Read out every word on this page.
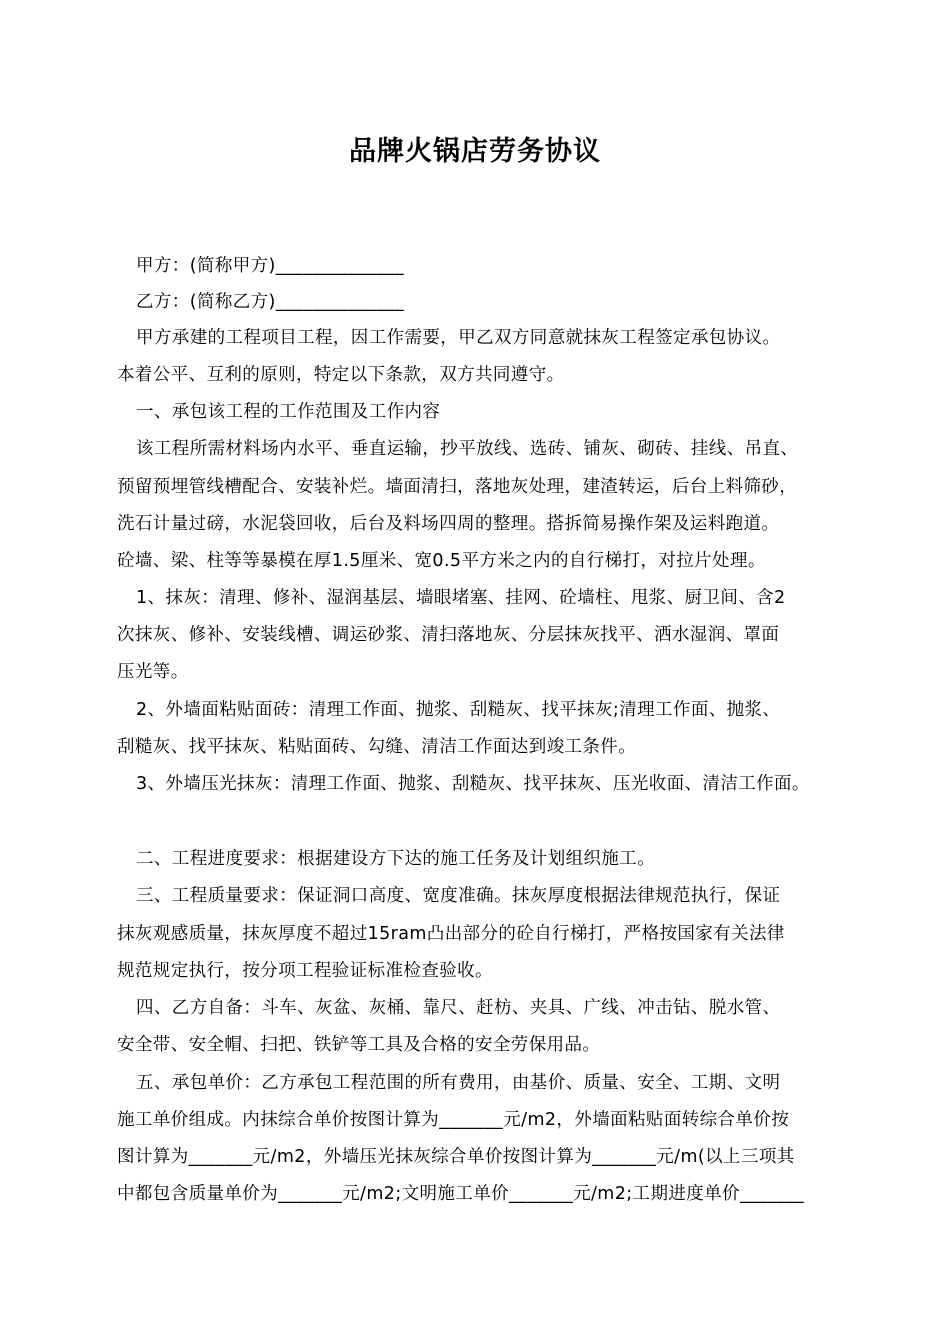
品牌火锅店劳务协议
甲方：(简称甲方)______________
乙方：(简称乙方)______________
甲方承建的工程项目工程，因工作需要，甲乙双方同意就抹灰工程签定承包协议。
本着公平、互利的原则，特定以下条款，双方共同遵守。
一、承包该工程的工作范围及工作内容
该工程所需材料场内水平、垂直运输，抄平放线、选砖、铺灰、砌砖、挂线、吊直、
预留预埋管线槽配合、安装补烂。墙面清扫，落地灰处理，建渣转运，后台上料筛砂，
洗石计量过磅，水泥袋回收，后台及料场四周的整理。搭拆简易操作架及运料跑道。
砼墙、梁、柱等等暴模在厚1.5厘米、宽0.5平方米之内的自行梯打，对拉片处理。
1、抹灰：清理、修补、湿润基层、墙眼堵塞、挂网、砼墙柱、甩浆、厨卫间、含2
次抹灰、修补、安装线槽、调运砂浆、清扫落地灰、分层抹灰找平、洒水湿润、罩面
压光等。
2、外墙面粘贴面砖：清理工作面、抛浆、刮糙灰、找平抹灰;清理工作面、抛浆、
刮糙灰、找平抹灰、粘贴面砖、勾缝、清洁工作面达到竣工条件。
3、外墙压光抹灰：清理工作面、抛浆、刮糙灰、找平抹灰、压光收面、清洁工作面。
二、工程进度要求：根据建设方下达的施工任务及计划组织施工。
三、工程质量要求：保证洞口高度、宽度准确。抹灰厚度根据法律规范执行，保证
抹灰观感质量，抹灰厚度不超过15ram凸出部分的砼自行梯打，严格按国家有关法律
规范规定执行，按分项工程验证标准检查验收。
四、乙方自备：斗车、灰盆、灰桶、靠尺、赶枋、夹具、广线、冲击钻、脱水管、
安全带、安全帽、扫把、铁铲等工具及合格的安全劳保用品。
五、承包单价：乙方承包工程范围的所有费用，由基价、质量、安全、工期、文明
施工单价组成。内抹综合单价按图计算为_______元/m2，外墙面粘贴面转综合单价按
图计算为_______元/m2，外墙压光抹灰综合单价按图计算为_______元/m(以上三项其
中都包含质量单价为_______元/m2;文明施工单价_______元/m2;工期进度单价_______
